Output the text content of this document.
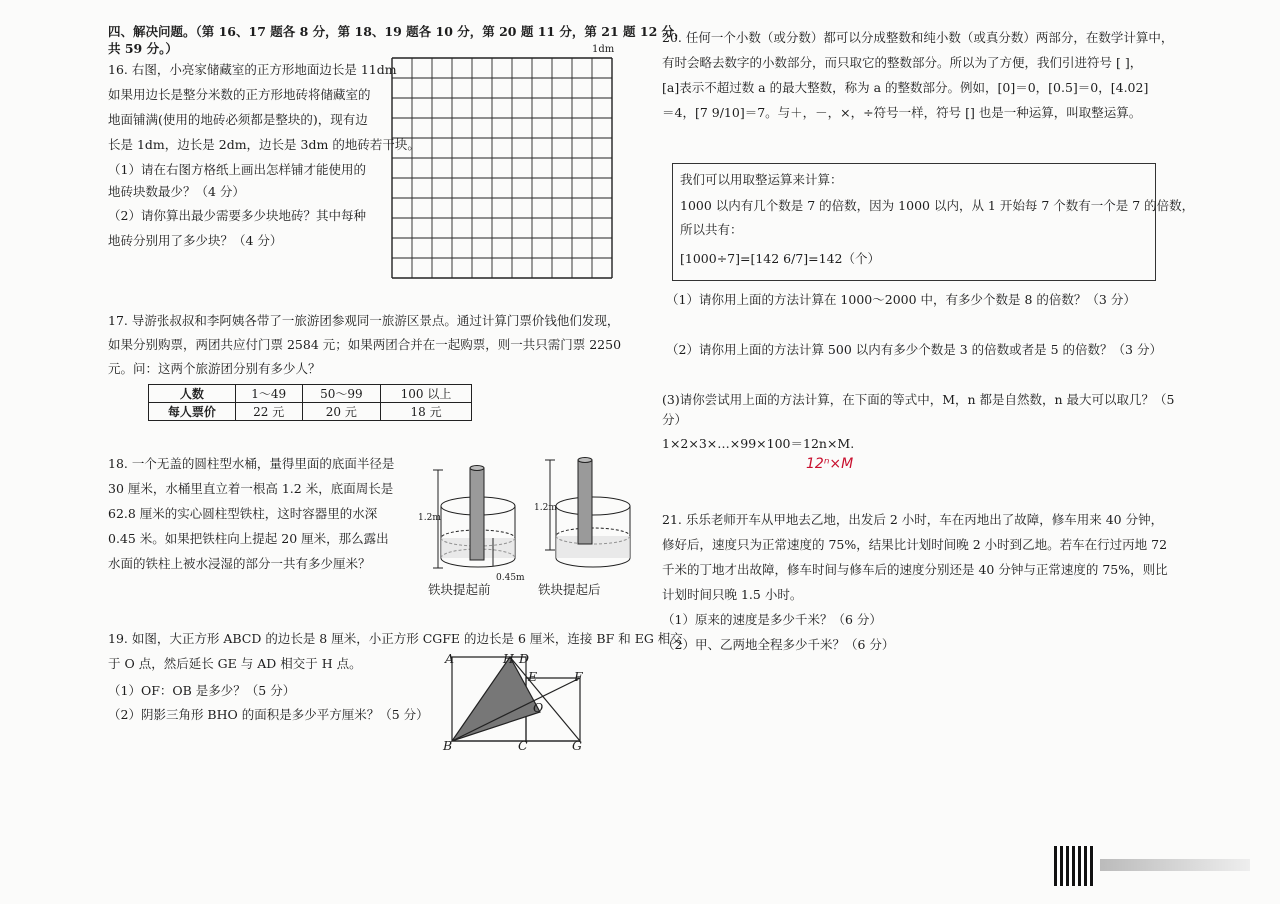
四、解决问题。（第 16、17 题各 8 分，第 18、19 题各 10 分，第 20 题 11 分，第 21 题 12 分，
共 59 分。）
16. 右图，小亮家储藏室的正方形地面边长是 11dm
如果用边长是整分米数的正方形地砖将储藏室的
地面铺满(使用的地砖必须都是整块的)，现有边
长是 1dm，边长是 2dm，边长是 3dm 的地砖若干块。
（1）请在右图方格纸上画出怎样铺才能使用的
地砖块数最少？（4 分）
（2）请你算出最少需要多少块地砖？其中每种
地砖分别用了多少块？（4 分）
1dm
17. 导游张叔叔和李阿姨各带了一旅游团参观同一旅游区景点。通过计算门票价钱他们发现，
如果分别购票，两团共应付门票 2584 元；如果两团合并在一起购票，则一共只需门票 2250
元。问：这两个旅游团分别有多少人？
人数	1～49	50～99	100 以上
每人票价	22 元	20 元	18 元
18. 一个无盖的圆柱型水桶，量得里面的底面半径是
30 厘米，水桶里直立着一根高 1.2 米，底面周长是
62.8 厘米的实心圆柱型铁柱，这时容器里的水深
0.45 米。如果把铁柱向上提起 20 厘米，那么露出
水面的铁柱上被水浸湿的部分一共有多少厘米？
1.2m
1.2m
0.45m
铁块提起前	铁块提起后
19. 如图，大正方形 ABCD 的边长是 8 厘米，小正方形 CGFE 的边长是 6 厘米，连接 BF 和 EG 相交
于 O 点，然后延长 GE 与 AD 相交于 H 点。
（1）OF：OB 是多少？（5 分）
（2）阴影三角形 BHO 的面积是多少平方厘米？（5 分）
A	H D
E	F
O
B	C	G
20. 任何一个小数（或分数）都可以分成整数和纯小数（或真分数）两部分，在数学计算中，
有时会略去数字的小数部分，而只取它的整数部分。所以为了方便，我们引进符号 [ ]，
[a]表示不超过数 a 的最大整数，称为 a 的整数部分。例如，[0]＝0，[0.5]＝0，[4.02]
＝4，[7 9/10]＝7。与＋，－，×，÷符号一样，符号 [] 也是一种运算，叫取整运算。
我们可以用取整运算来计算：
1000 以内有几个数是 7 的倍数，因为 1000 以内，从 1 开始每 7 个数有一个是 7 的倍数，
所以共有：
[1000÷7]=[142 6/7]=142（个）
（1）请你用上面的方法计算在 1000～2000 中，有多少个数是 8 的倍数？（3 分）
（2）请你用上面的方法计算 500 以内有多少个数是 3 的倍数或者是 5 的倍数？（3 分）
(3)请你尝试用上面的方法计算，在下面的等式中，M，n 都是自然数，n 最大可以取几？（5
分）
1×2×3×…×99×100＝12n×M.
12ⁿ×M
21. 乐乐老师开车从甲地去乙地，出发后 2 小时，车在丙地出了故障，修车用来 40 分钟，
修好后，速度只为正常速度的 75%，结果比计划时间晚 2 小时到乙地。若车在行过丙地 72
千米的丁地才出故障，修车时间与修车后的速度分别还是 40 分钟与正常速度的 75%，则比
计划时间只晚 1.5 小时。
（1）原来的速度是多少千米？（6 分）
（2）甲、乙两地全程多少千米？（6 分）
